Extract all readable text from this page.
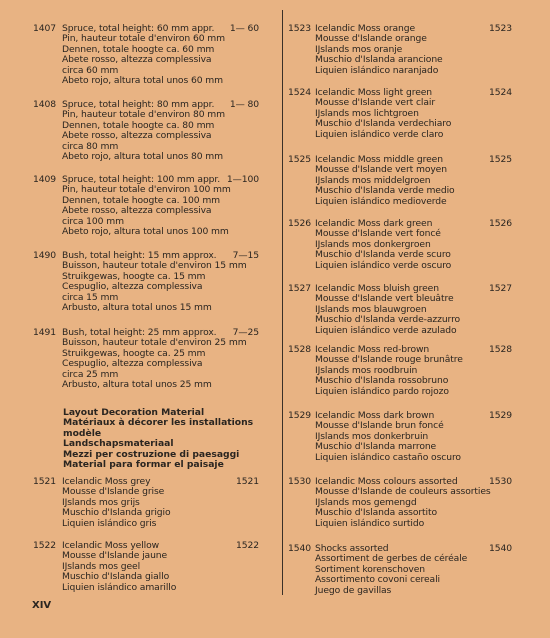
1407 Spruce, total height: 60 mm appr.
Pin, hauteur totale d'environ 60 mm
Dennen, totale hoogte ca. 60 mm
Abete rosso, altezza complessiva
circa 60 mm
Abeto rojo, altura total unos 60 mm
1— 60
1408 Spruce, total height: 80 mm appr.
Pin, hauteur totale d'environ 80 mm
Dennen, totale hoogte ca. 80 mm
Abete rosso, altezza complessiva
circa 80 mm
Abeto rojo, altura total unos 80 mm
1— 80
1409 Spruce, total height: 100 mm appr.
Pin, hauteur totale d'environ 100 mm
Dennen, totale hoogte ca. 100 mm
Abete rosso, altezza complessiva
circa 100 mm
Abeto rojo, altura total unos 100 mm
1—100
1490 Bush, total height: 15 mm approx.
Buisson, hauteur totale d'environ 15 mm
Struikgewas, hoogte ca. 15 mm
Cespuglio, altezza complessiva
circa 15 mm
Arbusto, altura total unos 15 mm
7—15
1491 Bush, total height: 25 mm approx.
Buisson, hauteur totale d'environ 25 mm
Struikgewas, hoogte ca. 25 mm
Cespuglio, altezza complessiva
circa 25 mm
Arbusto, altura total unos 25 mm
7—25
1521 Icelandic Moss grey
Mousse d'Islande grise
IJslands mos grijs
Muschio d'Islanda grigio
Liquien islándico gris
1521
1522 Icelandic Moss yellow
Mousse d'Islande jaune
IJslands mos geel
Muschio d'Islanda giallo
Liquien islándico amarillo
1522
Layout Decoration Material
Matériaux à décorer les installations
modèle
Landschapsmateriaal
Mezzi per costruzione di paesaggi
Material para formar el paisaje
1523 Icelandic Moss orange
Mousse d'Islande orange
IJslands mos oranje
Muschio d'Islanda arancione
Liquien islándico naranjado
1523
1524 Icelandic Moss light green
Mousse d'Islande vert clair
IJslands mos lichtgroen
Muschio d'Islanda verdechiaro
Liquien islándico verde claro
1524
1525 Icelandic Moss middle green
Mousse d'Islande vert moyen
IJslands mos middelgroen
Muschio d'Islanda verde medio
Liquien islándico medioverde
1525
1526 Icelandic Moss dark green
Mousse d'Islande vert foncé
IJslands mos donkergroen
Muschio d'Islanda verde scuro
Liquien islándico verde oscuro
1526
1527 Icelandic Moss bluish green
Mousse d'Islande vert bleuâtre
IJslands mos blauwgroen
Muschio d'Islanda verde-azzurro
Liquien islándico verde azulado
1527
1528 Icelandic Moss red-brown
Mousse d'Islande rouge brunâtre
IJslands mos roodbruin
Muschio d'Islanda rossobruno
Liquien islándico pardo rojozo
1528
1529 Icelandic Moss dark brown
Mousse d'Islande brun foncé
IJslands mos donkerbruin
Muschio d'Islanda marrone
Liquien islándico castaño oscuro
1529
1530 Icelandic Moss colours assorted
Mousse d'Islande de couleurs assorties
IJslands mos gemengd
Muschio d'Islanda assortito
Liquien islándico surtido
1530
1540 Shocks assorted
Assortiment de gerbes de céréale
Sortiment korenschoven
Assortimento covoni cereali
Juego de gavillas
1540
XIV
